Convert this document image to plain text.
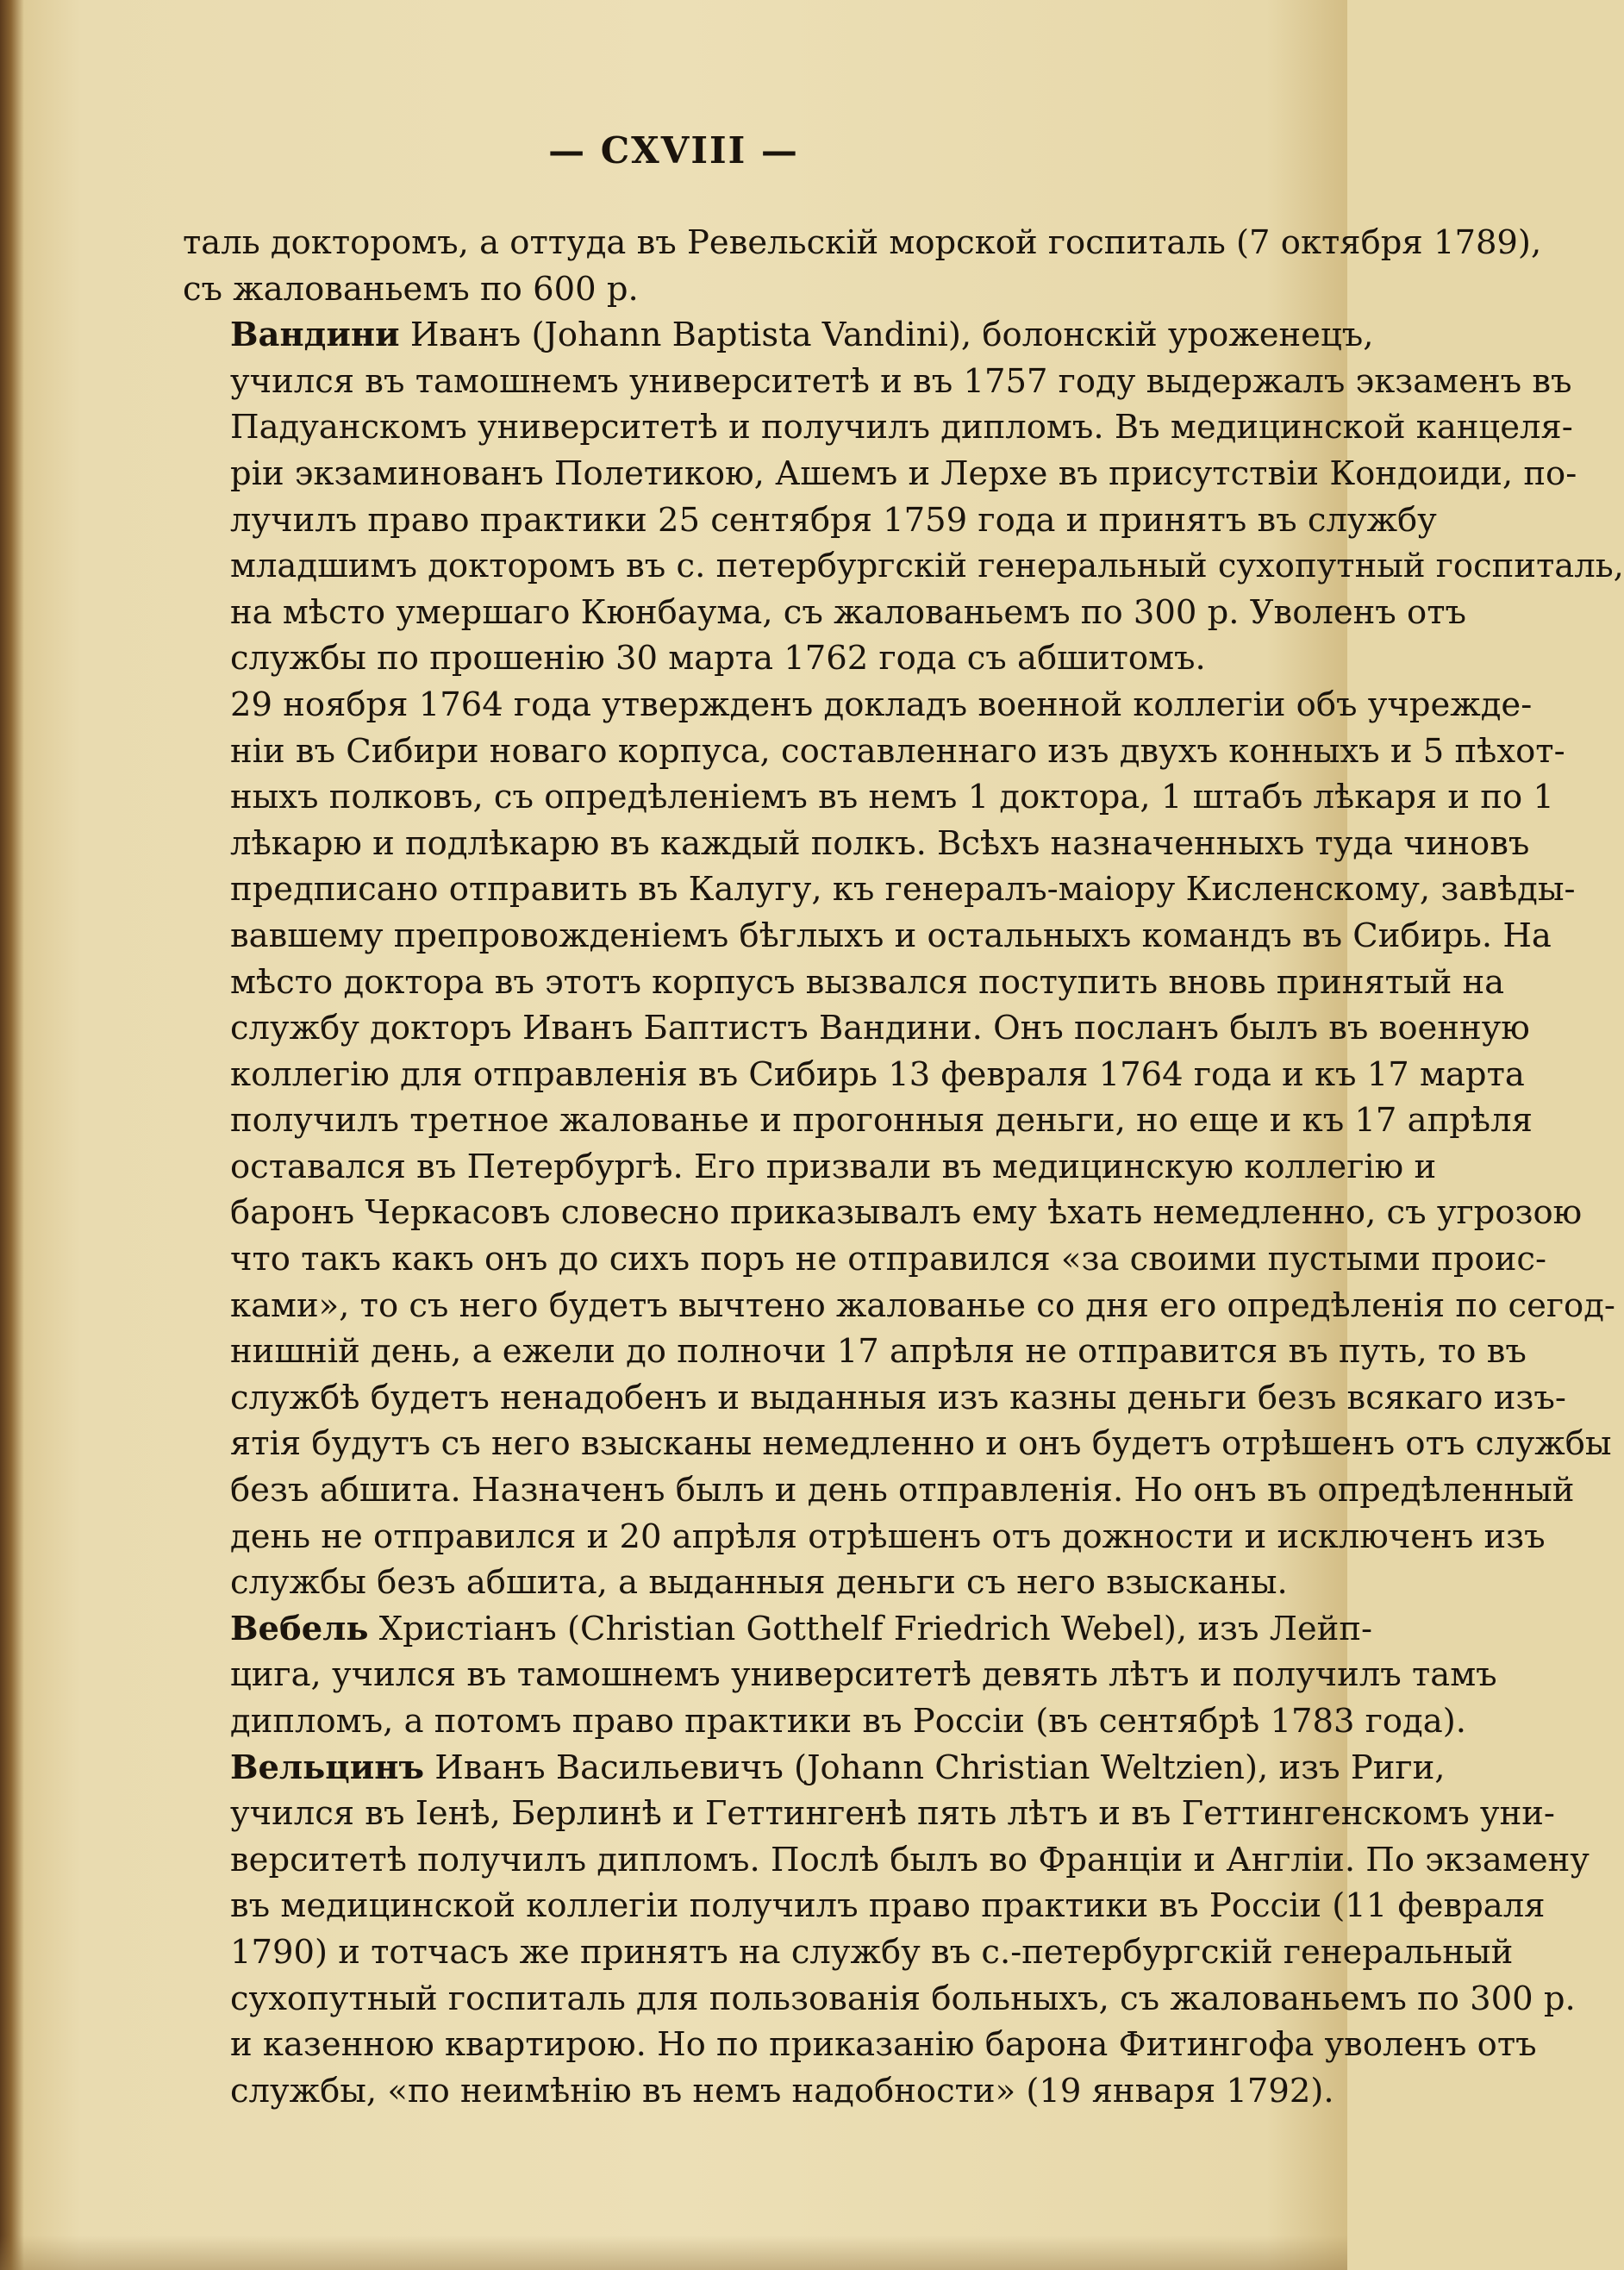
— CXVIII —

таль докторомъ, а оттуда въ Ревельскій морской госпиталь (7 октября 1789),
съ жалованьемъ по 600 р.

Вандини Иванъ (Johann Baptista Vandini), болонскій уроженецъ,
учился въ тамошнемъ университетѣ и въ 1757 году выдержалъ экзаменъ въ
Падуанскомъ университетѣ и получилъ дипломъ. Въ медицинской канцеля-
ріи экзаминованъ Полетикою, Ашемъ и Лерхе въ присутствіи Кондоиди, по-
лучилъ право практики 25 сентября 1759 года и принятъ въ службу
младшимъ докторомъ въ с. петербургскій генеральный сухопутный госпиталь,
на мѣсто умершаго Кюнбаума, съ жалованьемъ по 300 р. Уволенъ отъ
службы по прошенію 30 марта 1762 года съ абшитомъ.

29 ноября 1764 года утвержденъ докладъ военной коллегіи объ учрежде-
ніи въ Сибири новаго корпуса, составленнаго изъ двухъ конныхъ и 5 пѣхот-
ныхъ полковъ, съ опредѣленіемъ въ немъ 1 доктора, 1 штабъ лѣкаря и по 1
лѣкарю и подлѣкарю въ каждый полкъ. Всѣхъ назначенныхъ туда чиновъ
предписано отправить въ Калугу, къ генералъ-маіору Кисленскому, завѣды-
вавшему препровожденіемъ бѣглыхъ и остальныхъ командъ въ Сибирь. На
мѣсто доктора въ этотъ корпусъ вызвался поступить вновь принятый на
службу докторъ Иванъ Баптистъ Вандини. Онъ посланъ былъ въ военную
коллегію для отправленія въ Сибирь 13 февраля 1764 года и къ 17 марта
получилъ третное жалованье и прогонныя деньги, но еще и къ 17 апрѣля
оставался въ Петербургѣ. Его призвали въ медицинскую коллегію и
баронъ Черкасовъ словесно приказывалъ ему ѣхать немедленно, съ угрозою
что такъ какъ онъ до сихъ поръ не отправился «за своими пустыми проис-
ками», то съ него будетъ вычтено жалованье со дня его опредѣленія по сегод-
нишній день, а ежели до полночи 17 апрѣля не отправится въ путь, то въ
службѣ будетъ ненадобенъ и выданныя изъ казны деньги безъ всякаго изъ-
ятія будутъ съ него взысканы немедленно и онъ будетъ отрѣшенъ отъ службы
безъ абшита. Назначенъ былъ и день отправленія. Но онъ въ опредѣленный
день не отправился и 20 апрѣля отрѣшенъ отъ дожности и исключенъ изъ
службы безъ абшита, а выданныя деньги съ него взысканы.

Вебель Христіанъ (Christian Gotthelf Friedrich Webel), изъ Лейп-
цига, учился въ тамошнемъ университетѣ девять лѣтъ и получилъ тамъ
дипломъ, а потомъ право практики въ Россіи (въ сентябрѣ 1783 года).

Вельцинъ Иванъ Васильевичъ (Johann Christian Weltzien), изъ Риги,
учился въ Іенѣ, Берлинѣ и Геттингенѣ пять лѣтъ и въ Геттингенскомъ уни-
верситетѣ получилъ дипломъ. Послѣ былъ во Франціи и Англіи. По экзамену
въ медицинской коллегіи получилъ право практики въ Россіи (11 февраля
1790) и тотчасъ же принятъ на службу въ с.-петербургскій генеральный
сухопутный госпиталь для пользованія больныхъ, съ жалованьемъ по 300 р.
и казенною квартирою. Но по приказанію барона Фитингофа уволенъ отъ
службы, «по неимѣнію въ немъ надобности» (19 января 1792).
